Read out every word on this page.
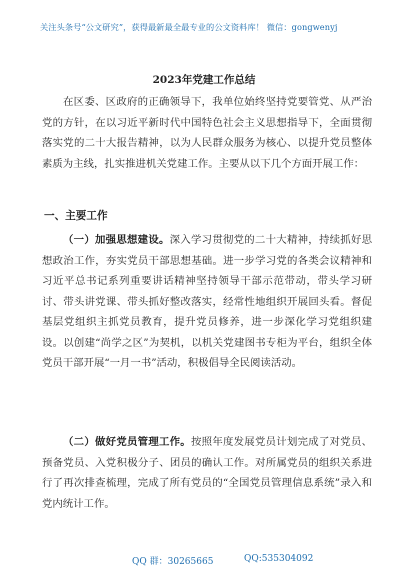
关注头条号“公文研究”，获得最新最全最专业的公文资料库！ 微信：gongwenyj
2023年党建工作总结

在区委、区政府的正确领导下，我单位始终坚持党要管党、从严治党的方针，在以习近平新时代中国特色社会主义思想指导下，全面贯彻落实党的二十大报告精神，以为人民群众服务为核心、以提升党员整体素质为主线，扎实推进机关党建工作。主要从以下几个方面开展工作：

一、主要工作

（一）加强思想建设。深入学习贯彻党的二十大精神，持续抓好思想政治工作，夯实党员干部思想基础。进一步学习党的各类会议精神和习近平总书记系列重要讲话精神坚持领导干部示范带动，带头学习研讨、带头讲党课、带头抓好整改落实，经常性地组织开展回头看。督促基层党组织主抓党员教育，提升党员修养，进一步深化学习党组织建设。以创建“尚学之区”为契机，以机关党建图书专柜为平台，组织全体党员干部开展“一月一书”活动，积极倡导全民阅读活动。

（二）做好党员管理工作。按照年度发展党员计划完成了对党员、预备党员、入党积极分子、团员的确认工作。对所属党员的组织关系进行了再次排查梳理，完成了所有党员的“全国党员管理信息系统”录入和党内统计工作。

QQ 群：30265665	QQ:535304092
